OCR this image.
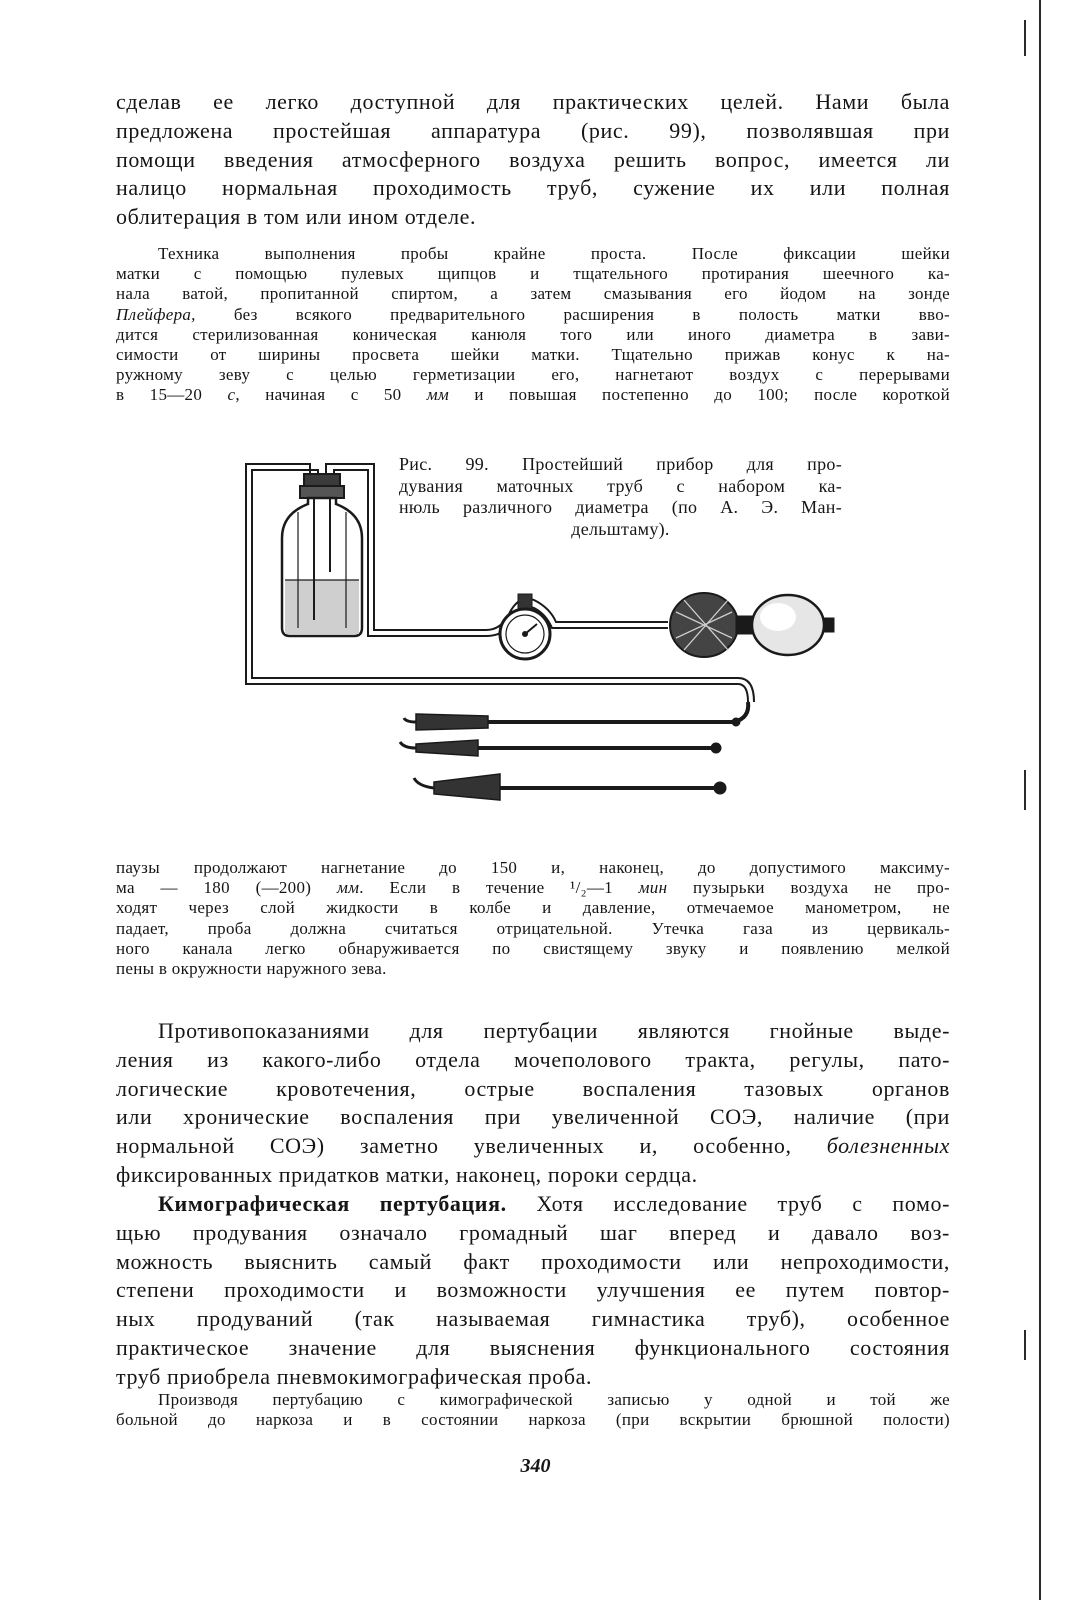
сделав ее легко доступной для практических целей. Нами была
предложена простейшая аппаратура (рис. 99), позволявшая при
помощи введения атмосферного воздуха решить вопрос, имеется ли
налицо нормальная проходимость труб, сужение их или полная
облитерация в том или ином отделе.
Техника выполнения пробы крайне проста. После фиксации шейки
матки с помощью пулевых щипцов и тщательного протирания шеечного ка-
нала ватой, пропитанной спиртом, а затем смазывания его йодом на зонде
Плейфера, без всякого предварительного расширения в полость матки вво-
дится стерилизованная коническая канюля того или иного диаметра в зави-
симости от ширины просвета шейки матки. Тщательно прижав конус к на-
ружному зеву с целью герметизации его, нагнетают воздух с перерывами
в 15—20 с, начиная с 50 мм и повышая постепенно до 100; после короткой
Рис. 99. Простейший прибор для про-
дувания маточных труб с набором ка-
нюль различного диаметра (по А. Э. Ман-
дельштаму).
паузы продолжают нагнетание до 150 и, наконец, до допустимого максиму-
ма — 180 (—200) мм. Если в течение ¹/₂—1 мин пузырьки воздуха не про-
ходят через слой жидкости в колбе и давление, отмечаемое манометром, не
падает, проба должна считаться отрицательной. Утечка газа из цервикаль-
ного канала легко обнаруживается по свистящему звуку и появлению мелкой
пены в окружности наружного зева.
Противопоказаниями для пертубации являются гнойные выде-
ления из какого-либо отдела мочеполового тракта, регулы, пато-
логические кровотечения, острые воспаления тазовых органов
или хронические воспаления при увеличенной СОЭ, наличие (при
нормальной СОЭ) заметно увеличенных и, особенно, болезненных
фиксированных придатков матки, наконец, пороки сердца.
Кимографическая пертубация. Хотя исследование труб с помо-
щью продувания означало громадный шаг вперед и давало воз-
можность выяснить самый факт проходимости или непроходимости,
степени проходимости и возможности улучшения ее путем повтор-
ных продуваний (так называемая гимнастика труб), особенное
практическое значение для выяснения функционального состояния
труб приобрела пневмокимографическая проба.
Производя пертубацию с кимографической записью у одной и той же
больной до наркоза и в состоянии наркоза (при вскрытии брюшной полости)
340
